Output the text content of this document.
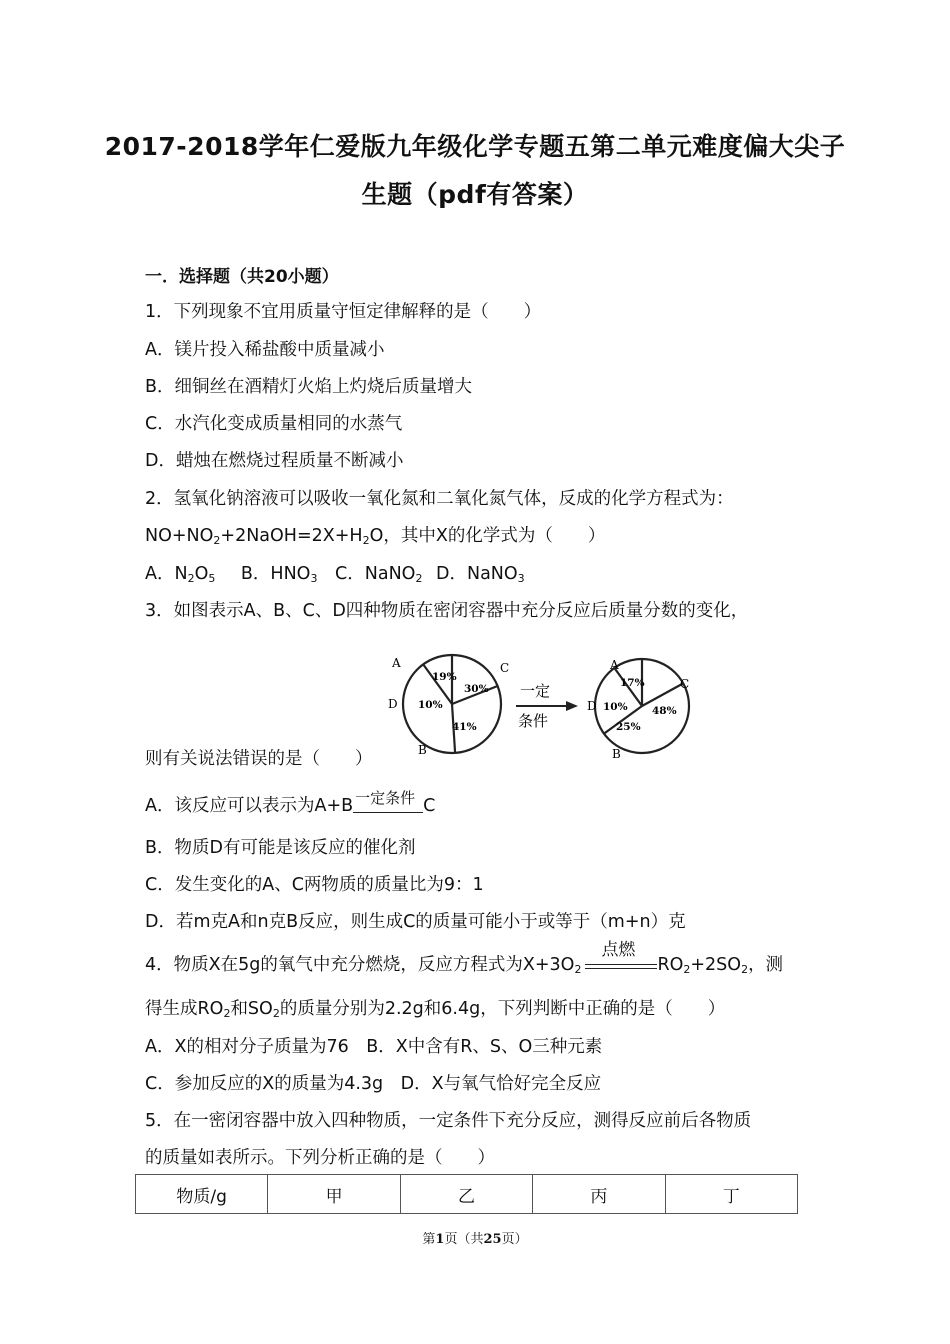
2017-2018学年仁爱版九年级化学专题五第二单元难度偏大尖子
生题（pdf有答案）
一．选择题（共20小题）
1．下列现象不宜用质量守恒定律解释的是（　　）
A．镁片投入稀盐酸中质量减小
B．细铜丝在酒精灯火焰上灼烧后质量增大
C．水汽化变成质量相同的水蒸气
D．蜡烛在燃烧过程质量不断减小
2．氢氧化钠溶液可以吸收一氧化氮和二氧化氮气体，反成的化学方程式为：
$NO+NO_2+2NaOH=2X+H_2O$，其中X的化学式为（　　）
A．$N_2O_5$ B．$HNO_3$ C．NaNO$_2$ D．NaNO$_3$
3．如图表示A、B、C、D四种物质在密闭容器中充分反应后质量分数的变化，
A	C
D
B
19%
30%
10%
41%
一定
条件
A
C
D
B
17%
48%
10%
25%
则有关说法错误的是（　　）
A．该反应可以表示为A+B 一定条件 C
B．物质D有可能是该反应的催化剂
C．发生变化的A、C两物质的质量比为9：1
D．若m克A和n克B反应，则生成C的质量可能小于或等于（m+n）克
4．物质X在5g的氧气中充分燃烧，反应方程式为$X+3O_2$
点燃
$RO_2+2SO_2$，测
得生成$RO_2$和$SO_2$的质量分别为2.2g和6.4g，下列判断中正确的是（　　）
A．X的相对分子质量为76　B．X中含有R、S、O三种元素
C．参加反应的X的质量为4.3g　D．X与氧气恰好完全反应
5．在一密闭容器中放入四种物质，一定条件下充分反应，测得反应前后各物质
的质量如表所示。下列分析正确的是（　　）
物质/g	甲	乙	丙	丁
第1页（共25页）
